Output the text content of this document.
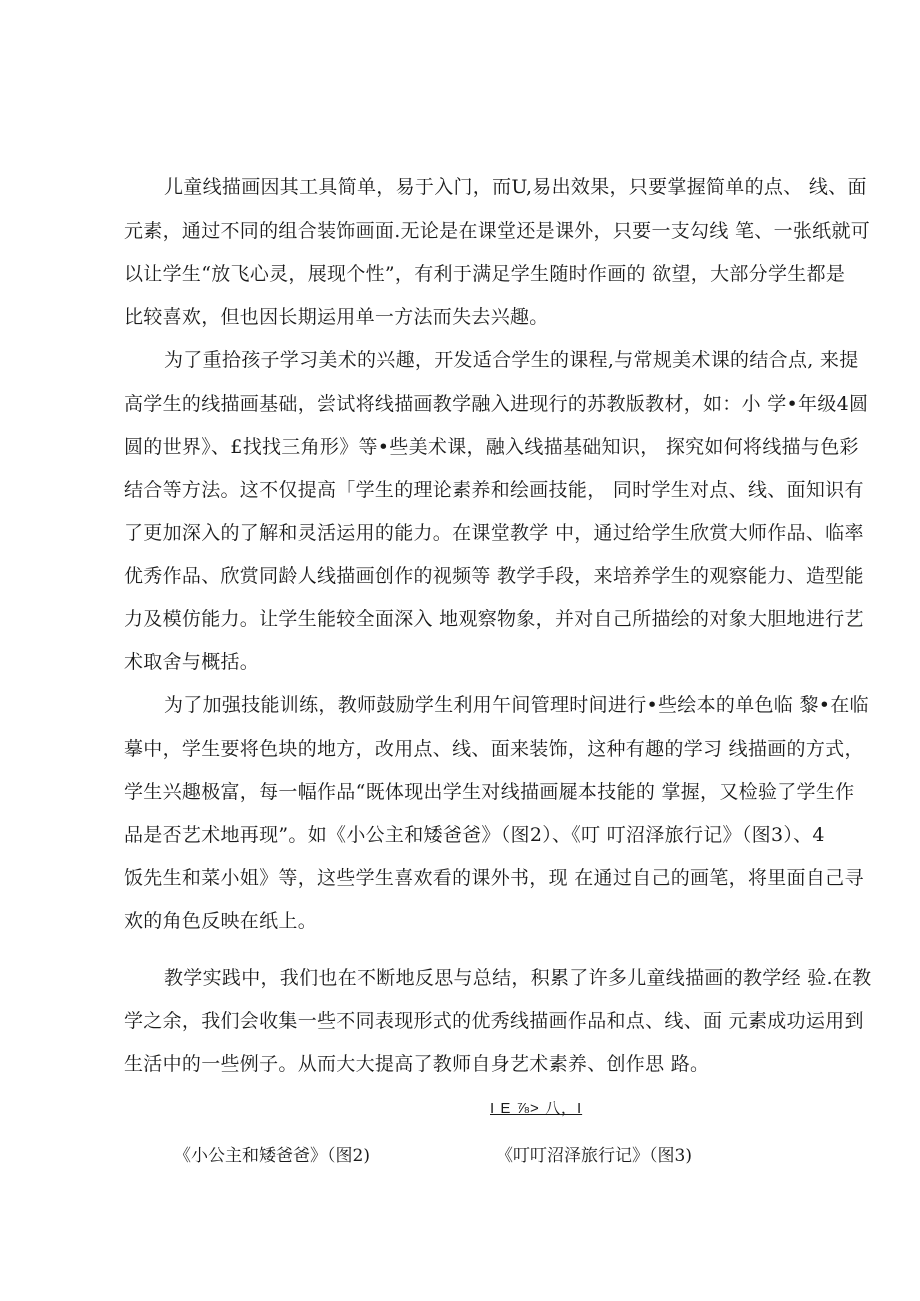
儿童线描画因其工具简单，易于入门，而U,易出效果，只要掌握简单的点、 线、面
元素，通过不同的组合装饰画面.无论是在课堂还是课外，只要一支勾线 笔、一张纸就可
以让学生“放飞心灵，展现个性”，有利于满足学生随时作画的 欲望，大部分学生都是
比较喜欢，但也因长期运用单一方法而失去兴趣。
为了重拾孩子学习美术的兴趣，开发适合学生的课程,与常规美术课的结合点, 来提
高学生的线描画基础，尝试将线描画教学融入进现行的苏教版教材，如：小 学•年级4圆
圆的世界》、£找找三角形》等•些美术课，融入线描基础知识， 探究如何将线描与色彩
结合等方法。这不仅提高「学生的理论素养和绘画技能， 同时学生对点、线、面知识有
了更加深入的了解和灵活运用的能力。在课堂教学 中，通过给学生欣赏大师作品、临率
优秀作品、欣赏同龄人线描画创作的视频等 教学手段，来培养学生的观察能力、造型能
力及模仿能力。让学生能较全面深入 地观察物象，并对自己所描绘的对象大胆地进行艺
术取舍与概括。
为了加强技能训练，教师鼓励学生利用午间管理时间进行•些绘本的单色临 黎•在临
摹中，学生要将色块的地方，改用点、线、面来装饰，这种有趣的学习 线描画的方式，
学生兴趣极富，每一幅作品“既体现出学生对线描画屣本技能的 掌握，又检验了学生作
品是否艺术地再现”。如《小公主和矮爸爸》（图2）、《叮 叮沼泽旅行记》（图3）、4
饭先生和菜小姐》等，这些学生喜欢看的课外书，现 在通过自己的画笔，将里面自己寻
欢的角色反映在纸上。
教学实践中，我们也在不断地反思与总结，积累了许多儿童线描画的教学经 验.在教
学之余，我们会收集一些不同表现形式的优秀线描画作品和点、线、面 元素成功运用到
生活中的一些例子。从而大大提高了教师自身艺术素养、创作思 路。
I E ⅞> 八，I
《小公主和矮爸爸》（图2)	《叮叮沼泽旅行记》（图3)
